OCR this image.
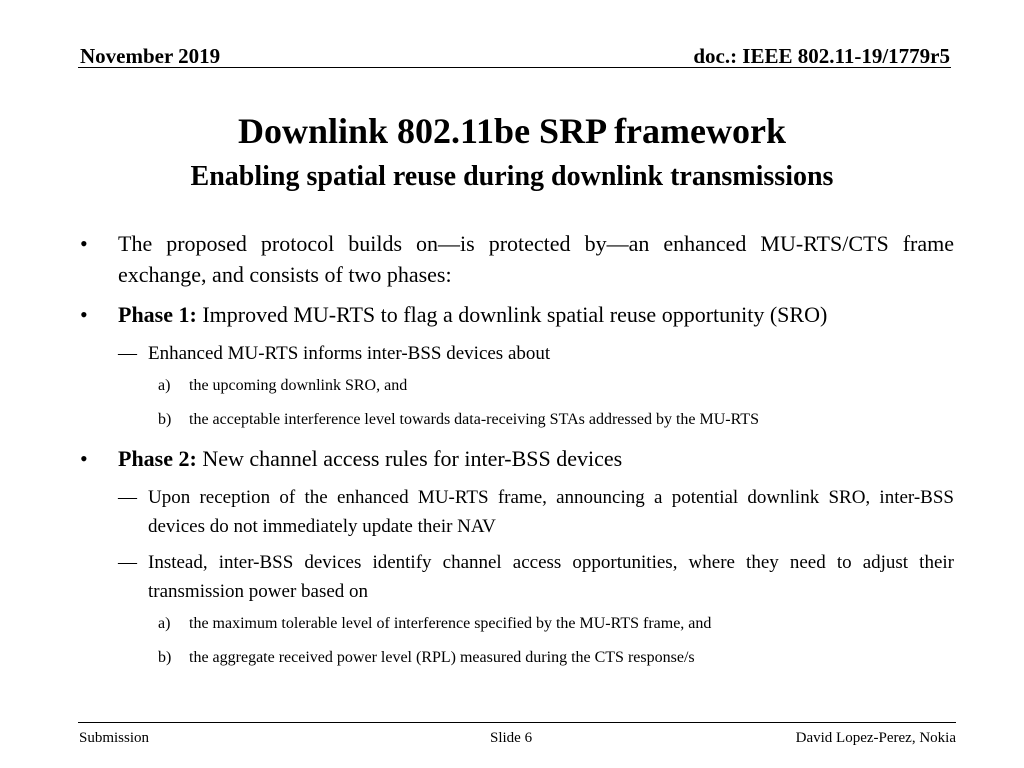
November 2019	doc.: IEEE 802.11-19/1779r5
Downlink 802.11be SRP framework
Enabling spatial reuse during downlink transmissions
• The proposed protocol builds on—is protected by—an enhanced MU-RTS/CTS frame exchange, and consists of two phases:
• Phase 1: Improved MU-RTS to flag a downlink spatial reuse opportunity (SRO)
— Enhanced MU-RTS informs inter-BSS devices about
a) the upcoming downlink SRO, and
b) the acceptable interference level towards data-receiving STAs addressed by the MU-RTS
• Phase 2: New channel access rules for inter-BSS devices
— Upon reception of the enhanced MU-RTS frame, announcing a potential downlink SRO, inter-BSS devices do not immediately update their NAV
— Instead, inter-BSS devices identify channel access opportunities, where they need to adjust their transmission power based on
a) the maximum tolerable level of interference specified by the MU-RTS frame, and
b) the aggregate received power level (RPL) measured during the CTS response/s
Submission	Slide 6	David Lopez-Perez, Nokia
